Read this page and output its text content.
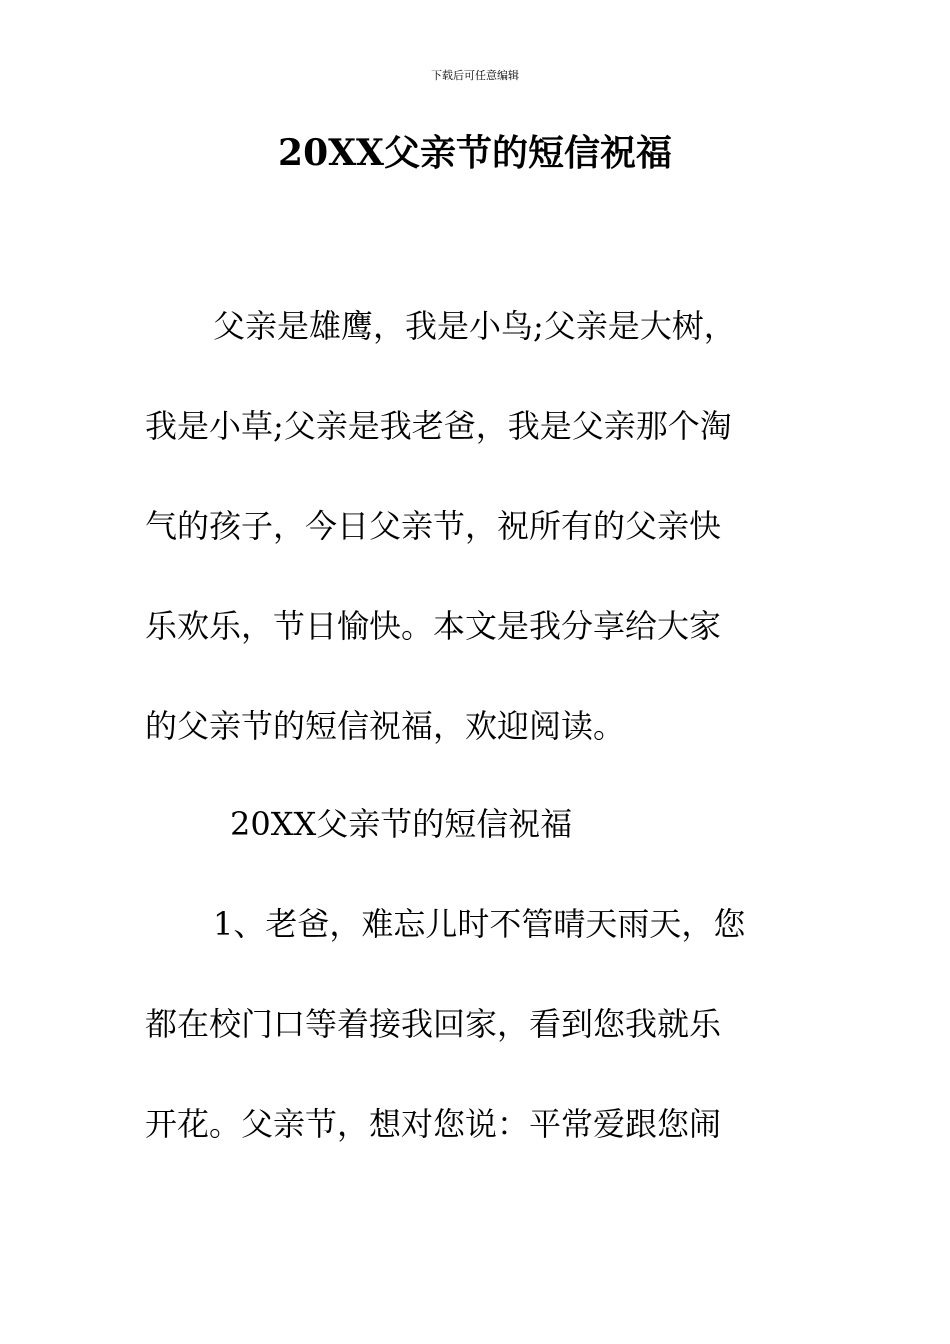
下载后可任意编辑
20XX父亲节的短信祝福
父亲是雄鹰，我是小鸟;父亲是大树，
我是小草;父亲是我老爸，我是父亲那个淘
气的孩子，今日父亲节，祝所有的父亲快
乐欢乐，节日愉快。本文是我分享给大家
的父亲节的短信祝福，欢迎阅读。
20XX父亲节的短信祝福
1、老爸，难忘儿时不管晴天雨天，您
都在校门口等着接我回家，看到您我就乐
开花。父亲节，想对您说：平常爱跟您闹
